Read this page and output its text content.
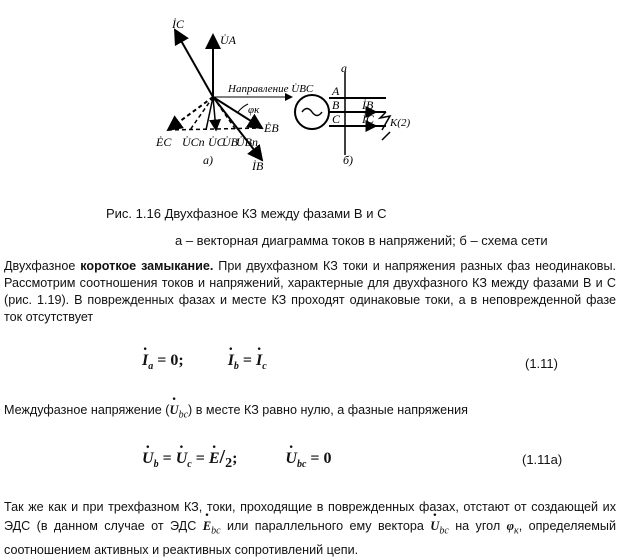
İC
U̇A
Направление U̇BC
φк
ĖB
ĖC U̇Cп U̇C
U̇B
U̇Bп
İB
а)
a
A
B
C
İB
İC К(2)
б)
Рис. 1.16 Двухфазное КЗ между фазами В и С
а – векторная диаграмма токов в напряжений; б – схема сети

Двухфазное короткое замыкание. При двухфазном КЗ токи и напряжения разных фаз неодинаковы. Рассмотрим соотношения токов и напряжений, характерные для двухфазного КЗ между фазами В и С (рис. 1.19). В поврежденных фазах и месте КЗ проходят одинаковые токи, а в неповрежденной фазе ток отсутствует

· $I_a = 0$;	· $I_b$ = · $I_c$	(1.11)
Междуфазное напряжение (· $U_{bc}$) в месте КЗ равно нулю, а фазные напряжения
· $U_b$ = · $U_c$ = · $E/_2$;	· $U_{bc} = 0$	(1.11а)

Так же как и при трехфазном КЗ, токи, проходящие в поврежденных фазах, отстают от создающей их ЭДС (в данном случае от ЭДС · $E_{bc}$ или параллельного ему вектора · $U_{bc}$ на угол $\varphi_к$, определяемый соотношением активных и реактивных сопротивлений цепи.
